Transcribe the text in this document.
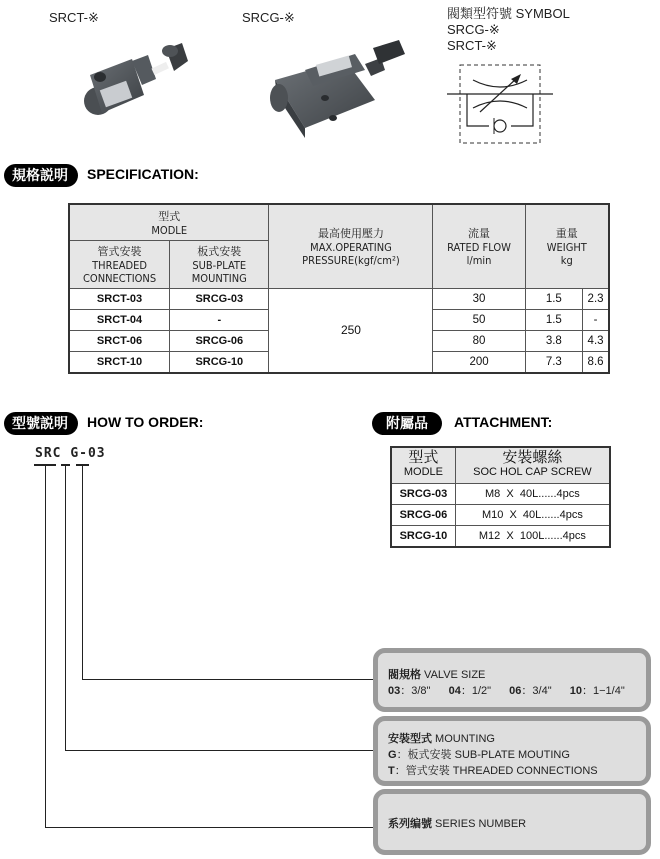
SRCT-※	SRCG-※	閥類型符號 SYMBOL
SRCG-※
SRCT-※
規格説明	SPECIFICATION:
型式
MODLE	最高使用壓力
MAX.OPERATING
PRESSURE(kgf/cm²)

流量
RATED FLOW
l/min

重量
WEIGHT
kg

管式安裝
THREADED
CONNECTIONS

板式安裝
SUB-PLATE
MOUNTING

SRCT-03	SRCG-03	250	30	1.5	2.3
SRCT-04	-		50	1.5	-
SRCT-06	SRCG-06		80	3.8	4.3
SRCT-10	SRCG-10		200	7.3	8.6
型號説明	HOW TO ORDER:	附屬品	ATTACHMENT:
型式
MODLE

安裝螺絲
SOC HOL CAP SCREW

SRCG-03	M8  X  40L......4pcs
SRCG-06	M10  X  40L......4pcs
SRCG-10	M12  X  100L......4pcs
SRC G-03
閥規格 VALVE SIZE
03：3/8" 04：1/2" 06：3/4" 10：1−1/4"
安裝型式 MOUNTING
G：板式安裝 SUB-PLATE MOUTING
T：管式安裝 THREADED CONNECTIONS
系列编號 SERIES NUMBER
